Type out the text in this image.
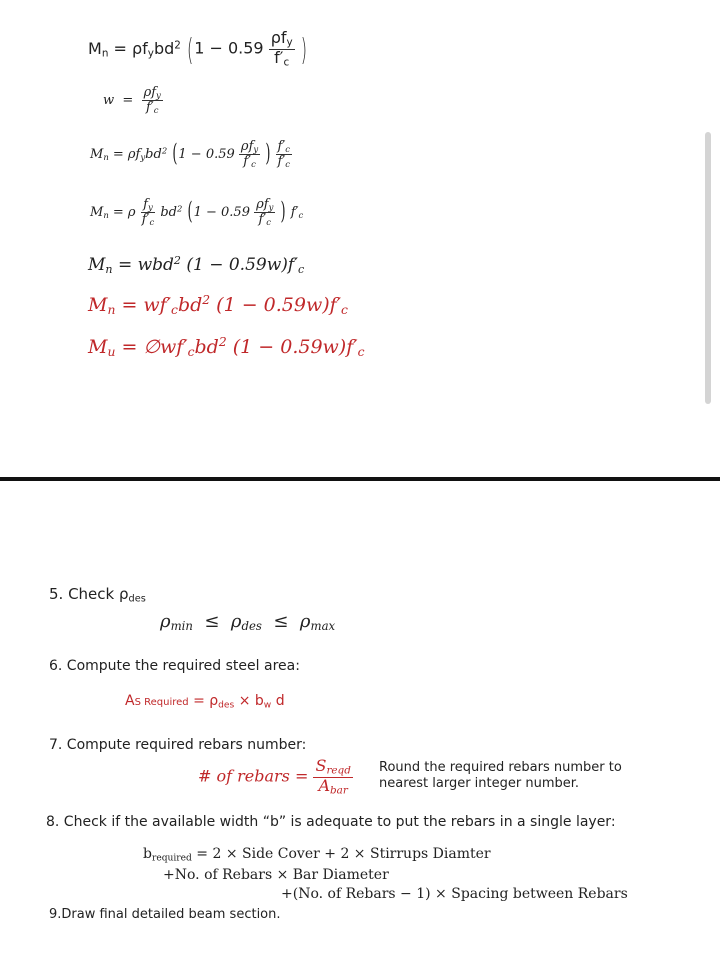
$M_n = \rho f_ybd^2$ ($1 - 0.59 \frac{\rho f_y}{f'_c}$ )
$w = \frac{\rho f_y}{f'_c}$
$M_n = \rho f_ybd^2$ ($1 - 0.59 \frac{\rho f_y}{f'_c}$ ) $\frac{f'_c}{f'_c}$
$M_n = \rho \frac{f_y}{f'_c} bd^2$ ($1 - 0.59 \frac{\rho f_y}{f'_c}$ ) $f'_c$
$M_n = wbd^2$ $(1 - 0.59w)f'_c$
$M_n = wf'_cbd^2$ $(1 - 0.59w)f'_c$
$M_u$ = $\emptyset wf'_cbd^2$ $(1 - 0.59w)f'_c$
5. Check $\rho_{des}$
$\rho_{min} \le \rho_{des} \le \rho_{max}$
6. Compute the required steel area:
AS Required = $\rho_{des} \times b_w$ d
7. Compute required rebars number:
# of rebars = $\frac{S_{reqd}}{A_{bar}}$ Round the required rebars number to
nearest larger integer number.
8. Check if the available width “b” is adequate to put the rebars in a single layer:
$b_{required} = 2$ × Side Cover + 2 × Stirrups Diamter
+No. of Rebars × Bar Diameter
+(No. of Rebars − 1) × Spacing between Rebars
9.Draw final detailed beam section.
